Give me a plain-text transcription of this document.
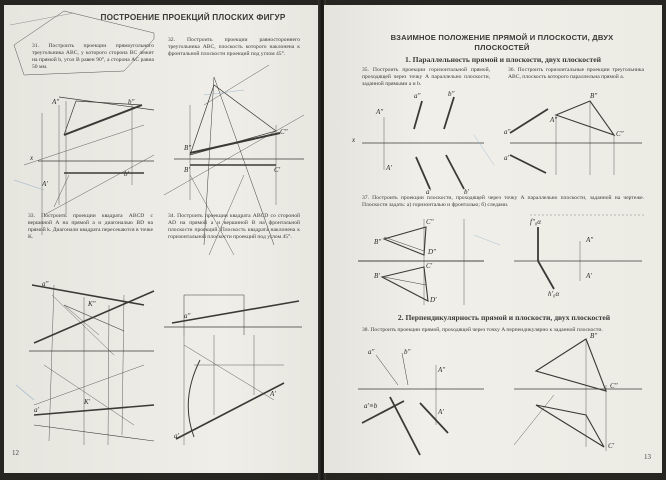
ПОСТРОЕНИЕ ПРОЕКЦИЙ ПЛОСКИХ ФИГУР

31. Построить проекции прямоугольного треугольника ABC, у которого сторона BC лежит на прямой b, угол B равен 90°, а сторона AC равна 50 мм.

32. Построить проекции равностороннего треугольника ABC, плоскость которого наклонена к фронтальной плоскости проекций под углом 45°.

33. Построить проекции квадрата ABCD с вершиной A на прямой a и диагональю BD на прямой k. Диагонали квадрата пересекаются в точке K.

34. Построить проекции квадрата ABCD со стороной AD на прямой a и вершиной B на фронтальной плоскости проекций. Плоскость квадрата наклонена к горизонтальной плоскости проекций под углом 45°.

A″	b″
x
A′
b′
B″
C″
B′	C′
a″
K″
K′
a′
a″
a′
A′
12

ВЗАИМНОЕ ПОЛОЖЕНИЕ ПРЯМОЙ И ПЛОСКОСТИ, ДВУХ ПЛОСКОСТЕЙ

1. Параллельность прямой и плоскости, двух плоскостей

35. Построить проекции горизонтальной прямой, проходящей через точку A параллельно плоскости, заданной прямыми a и b.

36. Построить горизонтальные проекции треугольника ABC, плоскость которого параллельна прямой a.

37. Построить проекции плоскости, проходящей через точку A параллельно плоскости, заданной на чертеже. Плоскости задать: а) горизонталью и фронталью; б) следами.

2. Перпендикулярность прямой и плоскости, двух плоскостей

38. Построить проекции прямой, проходящей через точку A перпендикулярно к заданной плоскости.

A″
a″	b″
x
A′
a′	b′
a″
a′
A″
B″
C″
C″
B″
D″
B′
C′
D′
f″₀α
h′₀α
A″
A′
a″	b″
a′≡b
A″
A′
B″
C″
C′
13
